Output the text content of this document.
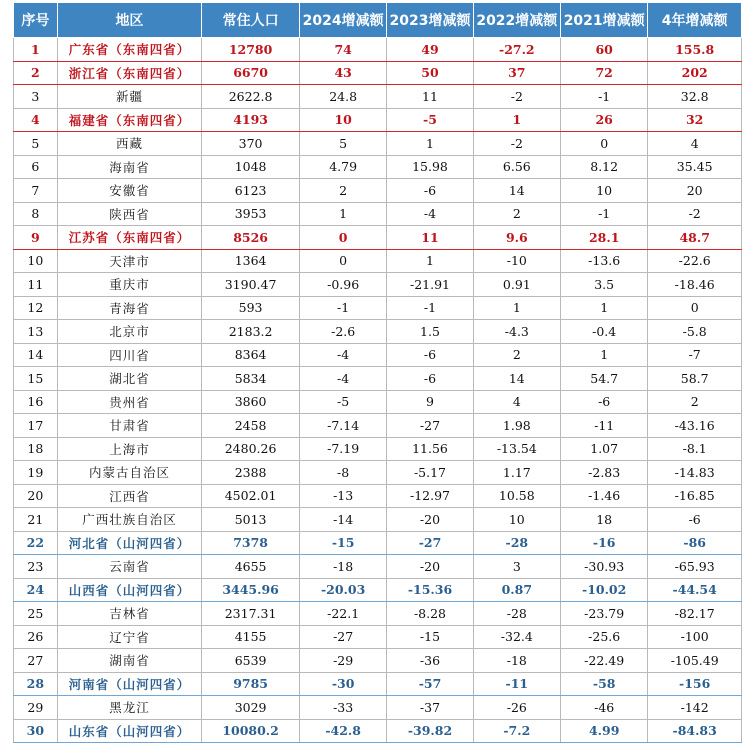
序号	地区	常住人口	2024增减额	2023增减额	2022增减额	2021增减额	4年增减额
1	广东省（东南四省）	12780	74	49	-27.2	60	155.8
2	浙江省（东南四省）	6670	43	50	37	72	202
3	新疆	2622.8	24.8	11	-2	-1	32.8
4	福建省（东南四省）	4193	10	-5	1	26	32
5	西藏	370	5	1	-2	0	4
6	海南省	1048	4.79	15.98	6.56	8.12	35.45
7	安徽省	6123	2	-6	14	10	20
8	陕西省	3953	1	-4	2	-1	-2
9	江苏省（东南四省）	8526	0	11	9.6	28.1	48.7
10	天津市	1364	0	1	-10	-13.6	-22.6
11	重庆市	3190.47	-0.96	-21.91	0.91	3.5	-18.46
12	青海省	593	-1	-1	1	1	0
13	北京市	2183.2	-2.6	1.5	-4.3	-0.4	-5.8
14	四川省	8364	-4	-6	2	1	-7
15	湖北省	5834	-4	-6	14	54.7	58.7
16	贵州省	3860	-5	9	4	-6	2
17	甘肃省	2458	-7.14	-27	1.98	-11	-43.16
18	上海市	2480.26	-7.19	11.56	-13.54	1.07	-8.1
19	内蒙古自治区	2388	-8	-5.17	1.17	-2.83	-14.83
20	江西省	4502.01	-13	-12.97	10.58	-1.46	-16.85
21	广西壮族自治区	5013	-14	-20	10	18	-6
22	河北省（山河四省）	7378	-15	-27	-28	-16	-86
23	云南省	4655	-18	-20	3	-30.93	-65.93
24	山西省（山河四省）	3445.96	-20.03	-15.36	0.87	-10.02	-44.54
25	吉林省	2317.31	-22.1	-8.28	-28	-23.79	-82.17
26	辽宁省	4155	-27	-15	-32.4	-25.6	-100
27	湖南省	6539	-29	-36	-18	-22.49	-105.49
28	河南省（山河四省）	9785	-30	-57	-11	-58	-156
29	黑龙江	3029	-33	-37	-26	-46	-142
30	山东省（山河四省）	10080.2	-42.8	-39.82	-7.2	4.99	-84.83
